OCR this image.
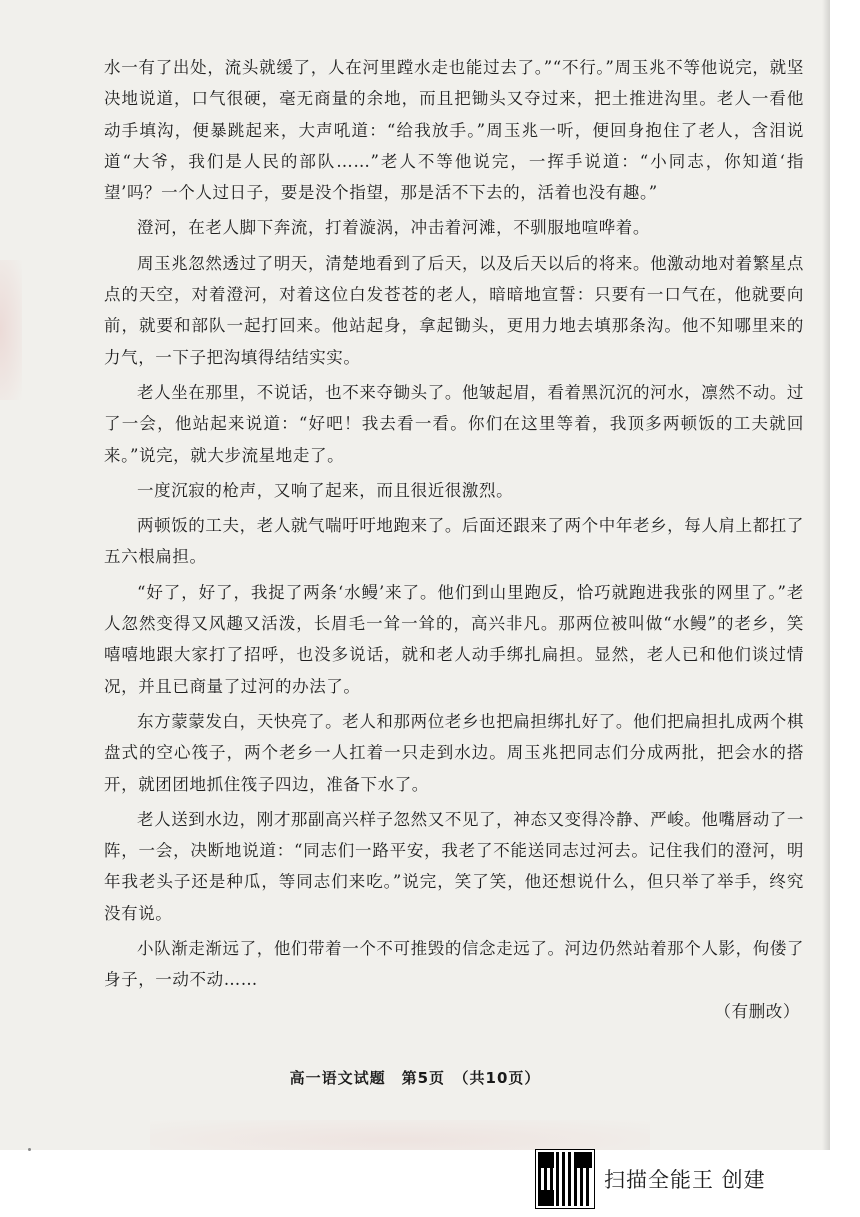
水一有了出处，流头就缓了，人在河里蹚水走也能过去了。”“不行。”周玉兆不等他说完，就坚决地说道，口气很硬，毫无商量的余地，而且把锄头又夺过来，把土推进沟里。老人一看他动手填沟，便暴跳起来，大声吼道：“给我放手。”周玉兆一听，便回身抱住了老人，含泪说道“大爷，我们是人民的部队……”老人不等他说完，一挥手说道：“小同志，你知道‘指望’吗？一个人过日子，要是没个指望，那是活不下去的，活着也没有趣。”

澄河，在老人脚下奔流，打着漩涡，冲击着河滩，不驯服地喧哗着。

周玉兆忽然透过了明天，清楚地看到了后天，以及后天以后的将来。他激动地对着繁星点点的天空，对着澄河，对着这位白发苍苍的老人，暗暗地宣誓：只要有一口气在，他就要向前，就要和部队一起打回来。他站起身，拿起锄头，更用力地去填那条沟。他不知哪里来的力气，一下子把沟填得结结实实。

老人坐在那里，不说话，也不来夺锄头了。他皱起眉，看着黑沉沉的河水，凛然不动。过了一会，他站起来说道：“好吧！我去看一看。你们在这里等着，我顶多两顿饭的工夫就回来。”说完，就大步流星地走了。

一度沉寂的枪声，又响了起来，而且很近很激烈。

两顿饭的工夫，老人就气喘吁吁地跑来了。后面还跟来了两个中年老乡，每人肩上都扛了五六根扁担。

“好了，好了，我捉了两条‘水鳗’来了。他们到山里跑反，恰巧就跑进我张的网里了。”老人忽然变得又风趣又活泼，长眉毛一耸一耸的，高兴非凡。那两位被叫做“水鳗”的老乡，笑嘻嘻地跟大家打了招呼，也没多说话，就和老人动手绑扎扁担。显然，老人已和他们谈过情况，并且已商量了过河的办法了。

东方蒙蒙发白，天快亮了。老人和那两位老乡也把扁担绑扎好了。他们把扁担扎成两个棋盘式的空心筏子，两个老乡一人扛着一只走到水边。周玉兆把同志们分成两批，把会水的搭开，就团团地抓住筏子四边，准备下水了。

老人送到水边，刚才那副高兴样子忽然又不见了，神态又变得冷静、严峻。他嘴唇动了一阵，一会，决断地说道：“同志们一路平安，我老了不能送同志过河去。记住我们的澄河，明年我老头子还是种瓜，等同志们来吃。”说完，笑了笑，他还想说什么，但只举了举手，终究没有说。

小队渐走渐远了，他们带着一个不可推毁的信念走远了。河边仍然站着那个人影，佝偻了身子，一动不动……

（有删改）

高一语文试题　第5页　（共10页）
扫描全能王 创建
